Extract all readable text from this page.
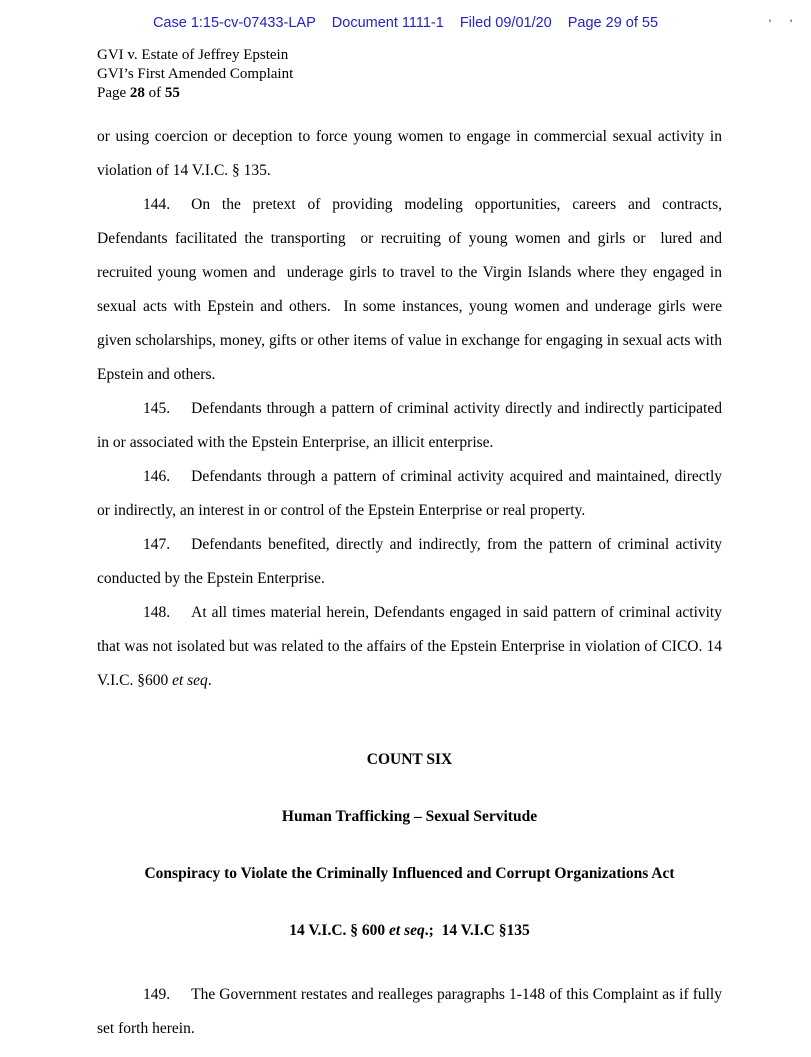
Case 1:15-cv-07433-LAP Document 1111-1 Filed 09/01/20 Page 29 of 55	’      ’
GVI v. Estate of Jeffrey Epstein
GVI’s First Amended Complaint
Page 28 of 55

or using coercion or deception to force young women to engage in commercial sexual activity in violation of 14 V.I.C. § 135.

144. On the pretext of providing modeling opportunities, careers and contracts, Defendants facilitated the transporting  or recruiting of young women and girls or  lured and recruited young women and  underage girls to travel to the Virgin Islands where they engaged in sexual acts with Epstein and others.  In some instances, young women and underage girls were given scholarships, money, gifts or other items of value in exchange for engaging in sexual acts with Epstein and others.

145. Defendants through a pattern of criminal activity directly and indirectly participated in or associated with the Epstein Enterprise, an illicit enterprise.

146. Defendants through a pattern of criminal activity acquired and maintained, directly or indirectly, an interest in or control of the Epstein Enterprise or real property.

147. Defendants benefited, directly and indirectly, from the pattern of criminal activity conducted by the Epstein Enterprise.

148. At all times material herein, Defendants engaged in said pattern of criminal activity that was not isolated but was related to the affairs of the Epstein Enterprise in violation of CICO. 14 V.I.C. §600 et seq.

COUNT SIX

Human Trafficking – Sexual Servitude

Conspiracy to Violate the Criminally Influenced and Corrupt Organizations Act

14 V.I.C. § 600 et seq.;  14 V.I.C §135

149. The Government restates and realleges paragraphs 1-148 of this Complaint as if fully set forth herein.
